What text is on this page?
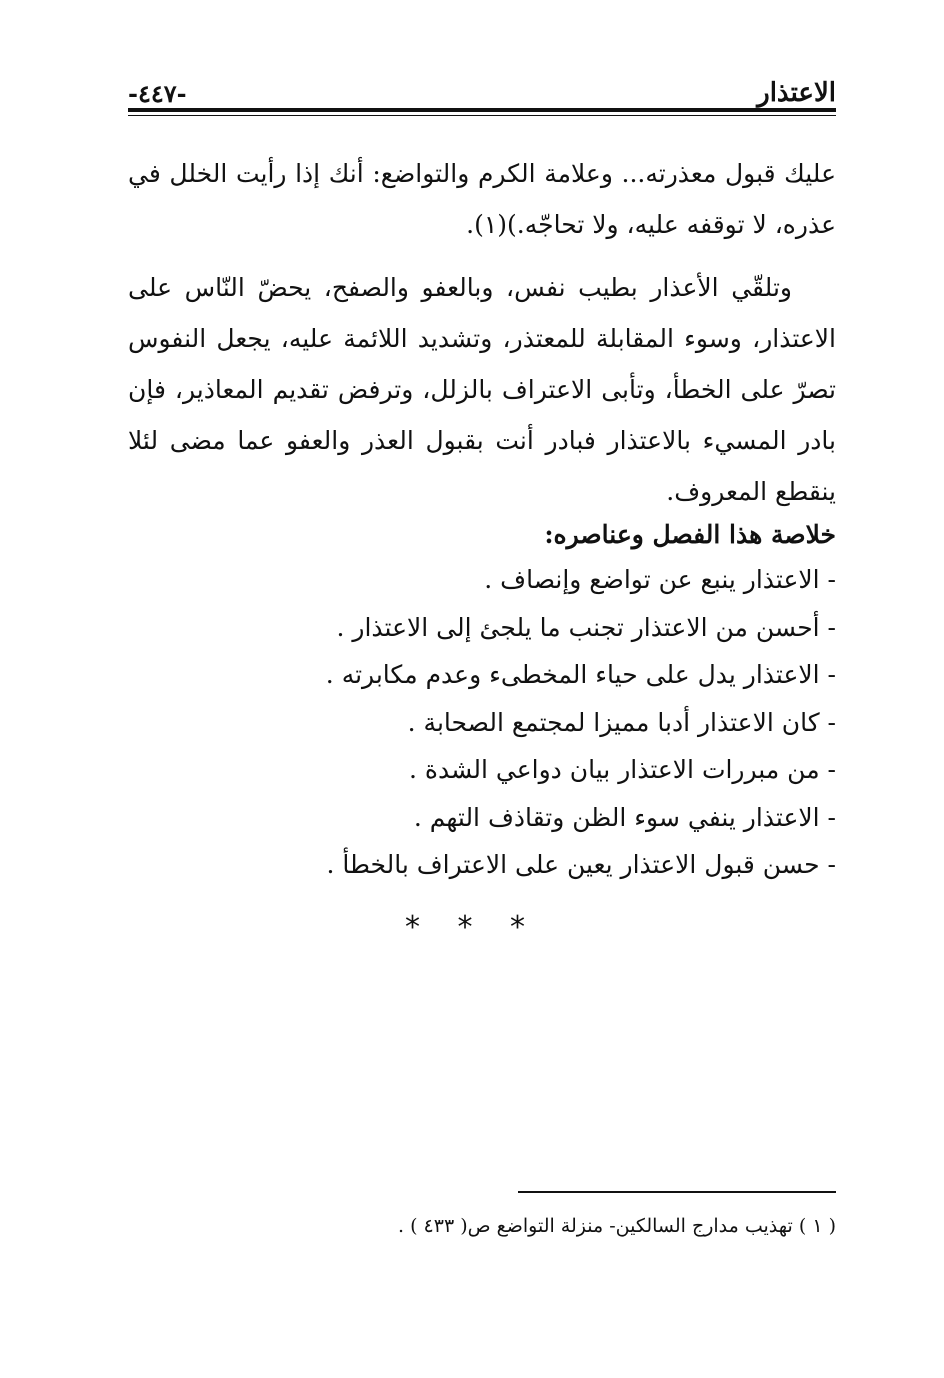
الاعتذار
-٤٤٧-

عليك قبول معذرته... وعلامة الكرم والتواضع: أنك إذا رأيت الخلل في عذره، لا توقفه عليه، ولا تحاجّه.)(١).

وتلقّي الأعذار بطيب نفس، وبالعفو والصفح، يحضّ النّاس على الاعتذار، وسوء المقابلة للمعتذر، وتشديد اللائمة عليه، يجعل النفوس تصرّ على الخطأ، وتأبى الاعتراف بالزلل، وترفض تقديم المعاذير، فإن بادر المسيء بالاعتذار فبادر أنت بقبول العذر والعفو عما مضى لئلا ينقطع المعروف.

خلاصة هذا الفصل وعناصره:
- الاعتذار ينبع عن تواضع وإنصاف .
- أحسن من الاعتذار تجنب ما يلجئ إلى الاعتذار .
- الاعتذار يدل على حياء المخطىء وعدم مكابرته .
- كان الاعتذار أدبا مميزا لمجتمع الصحابة .
- من مبررات الاعتذار بيان دواعي الشدة .
- الاعتذار ينفي سوء الظن وتقاذف التهم .
- حسن قبول الاعتذار يعين على الاعتراف بالخطأ .
* * *
( ١ ) تهذيب مدارج السالكين- منزلة التواضع ص( ٤٣٣ ) .
